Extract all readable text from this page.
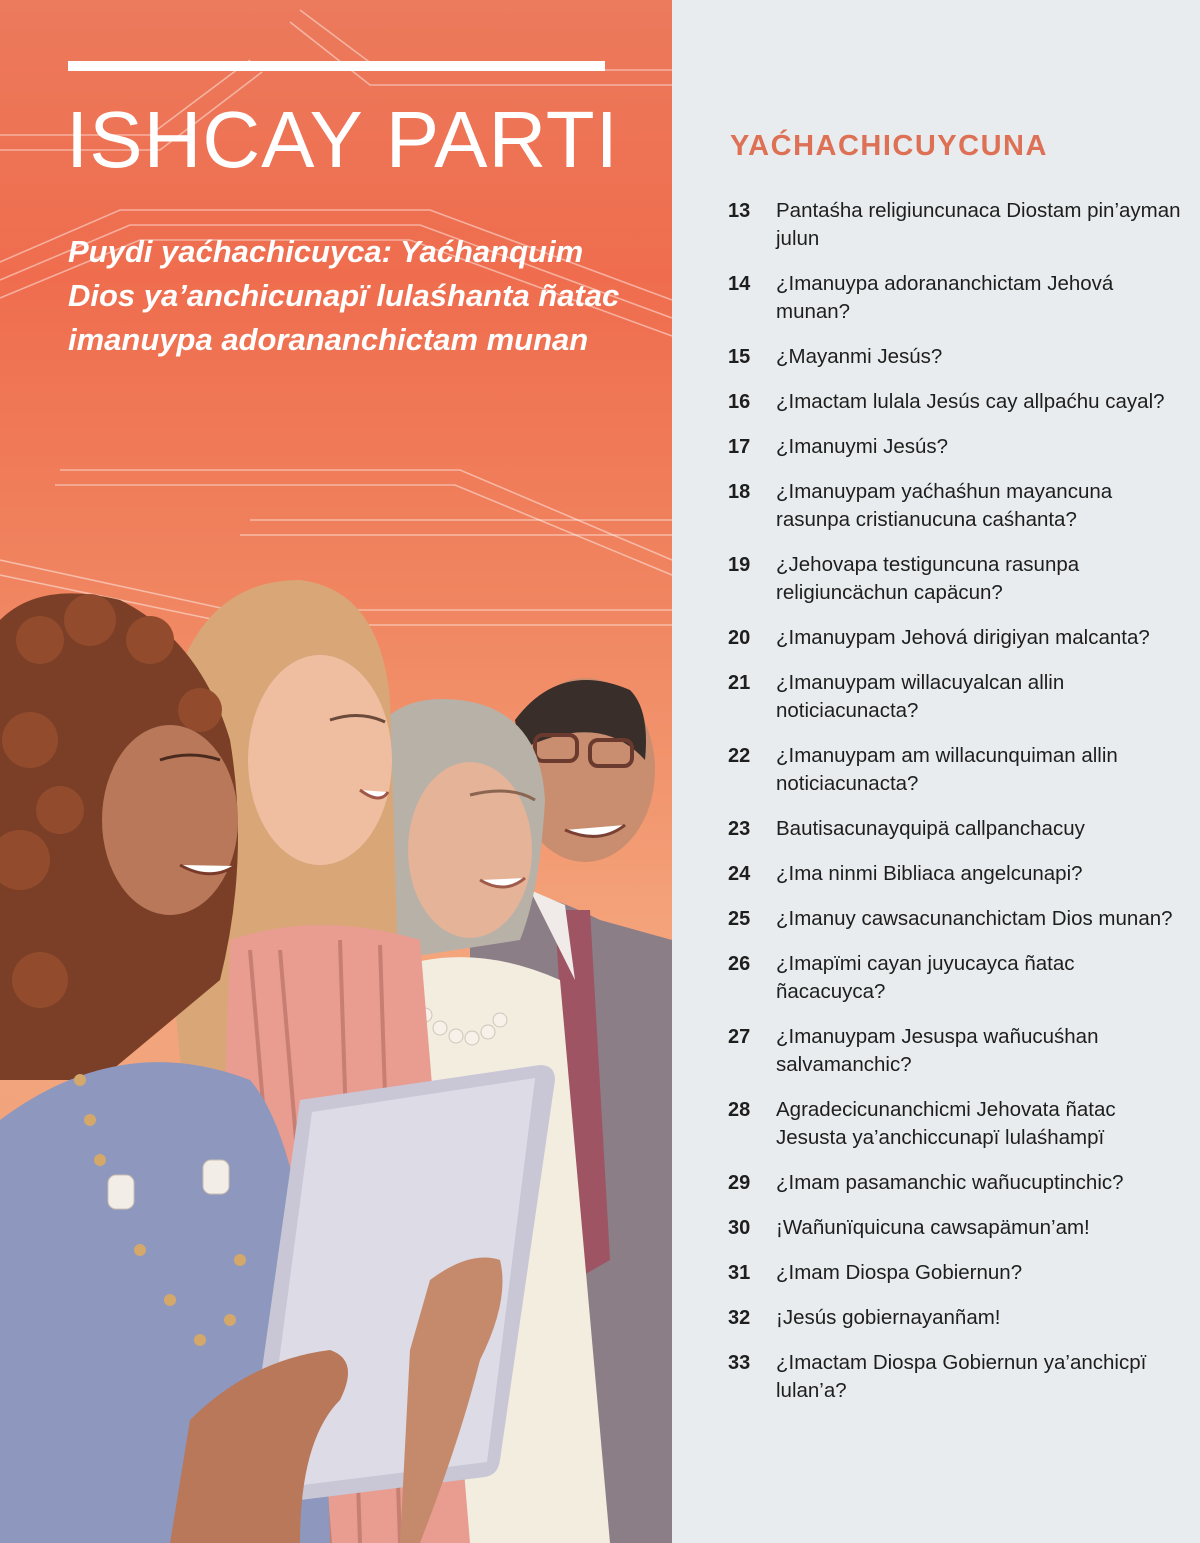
ISHCAY PARTI

Puydi yaćhachicuyca: Yaćhanquim Dios ya’anchicunapï lulaśhanta ñatac imanuypa adorananchictam munan

YAĆHACHICUYCUNA
13	Pantaśha religiuncunaca Diostam pin’ayman julun
14	¿Imanuypa adorananchictam Jehová munan?
15	¿Mayanmi Jesús?
16	¿Imactam lulala Jesús cay allpaćhu cayal?
17	¿Imanuymi Jesús?
18	¿Imanuypam yaćhaśhun mayancuna rasunpa cristianucuna caśhanta?
19	¿Jehovapa testiguncuna rasunpa religiuncächun capäcun?
20	¿Imanuypam Jehová dirigiyan malcanta?
21	¿Imanuypam willacuyalcan allin noticiacunacta?
22	¿Imanuypam am willacunquiman allin noticiacunacta?
23	Bautisacunayquipä callpanchacuy
24	¿Ima ninmi Bibliaca angelcunapi?
25	¿Imanuy cawsacunanchictam Dios munan?
26	¿Imapïmi cayan juyucayca ñatac ñacacuyca?
27	¿Imanuypam Jesuspa wañucuśhan salvamanchic?
28	Agradecicunanchicmi Jehovata ñatac Jesusta ya’anchiccunapï lulaśhampï
29	¿Imam pasamanchic wañucuptinchic?
30	¡Wañunïquicuna cawsapämun’am!
31	¿Imam Diospa Gobiernun?
32	¡Jesús gobiernayanñam!
33	¿Imactam Diospa Gobiernun ya’anchicpï lulan’a?
